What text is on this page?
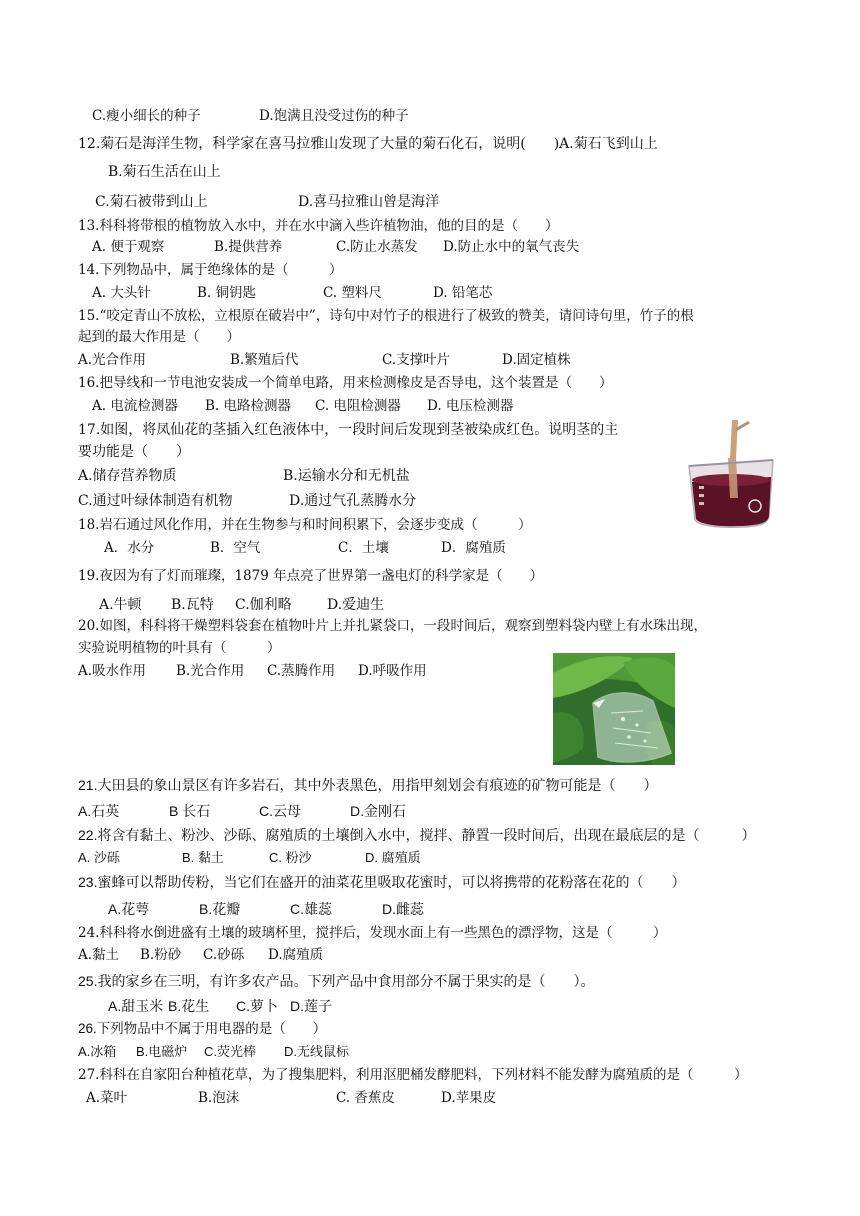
C.瘦小细长的种子	D.饱满且没受过伤的种子
12.菊石是海洋生物，科学家在喜马拉雅山发现了大量的菊石化石，说明(　　)A.菊石飞到山上
B.菊石生活在山上
C.菊石被带到山上	D.喜马拉雅山曾是海洋
13.科科将带根的植物放入水中，并在水中滴入些许植物油，他的目的是（　　）
A. 便于观察	B.提供营养	C.防止水蒸发 D.防止水中的氧气丧失
14.下列物品中，属于绝缘体的是（　　　）
A. 大头针	B. 铜钥匙	C. 塑料尺	D. 铅笔芯
15.“咬定青山不放松，立根原在破岩中”，诗句中对竹子的根进行了极致的赞美，请问诗句里，竹子的根
起到的最大作用是（　　）
A.光合作用	B.繁殖后代	C.支撑叶片	D.固定植株
16.把导线和一节电池安装成一个简单电路，用来检测橡皮是否导电，这个装置是（　　）
A. 电流检测器 B. 电路检测器 C. 电阻检测器 D. 电压检测器
17.如图，将凤仙花的茎插入红色液体中，一段时间后发现到茎被染成红色。说明茎的主
要功能是（　　）
A.储存营养物质	B.运输水分和无机盐
C.通过叶绿体制造有机物	D.通过气孔蒸腾水分
18.岩石通过风化作用，并在生物参与和时间积累下，会逐步变成（　　　）
A．水分	B．空气	C．土壤	D．腐殖质
19.夜因为有了灯而璀璨，1879 年点亮了世界第一盏电灯的科学家是（　　）
A.牛顿 B.瓦特 C.伽利略	D.爱迪生
20.如图，科科将干燥塑料袋套在植物叶片上并扎紧袋口，一段时间后，观察到塑料袋内壁上有水珠出现，
实验说明植物的叶具有（　　　）
A.吸水作用 B.光合作用 C.蒸腾作用 D.呼吸作用
21.大田县的象山景区有许多岩石，其中外表黑色，用指甲刻划会有痕迹的矿物可能是（　　）
A.石英	B 长石	C.云母	D.金刚石
22.将含有黏土、粉沙、沙砾、腐殖质的土壤倒入水中，搅拌、静置一段时间后，出现在最底层的是（　　　）
A. 沙砾	B. 黏土	C. 粉沙	D. 腐殖质
23.蜜蜂可以帮助传粉，当它们在盛开的油菜花里吸取花蜜时，可以将携带的花粉落在花的（　　）
A.花萼	B.花瓣	C.雄蕊	D.雌蕊
24.科科将水倒进盛有土壤的玻璃杯里，搅拌后，发现水面上有一些黑色的漂浮物，这是（　　　）
A.黏土 B.粉砂 C.砂砾 D.腐殖质
25.我的家乡在三明，有许多农产品。下列产品中食用部分不属于果实的是（　　）。
A.甜玉米 B.花生 C.萝卜 D.莲子
26.下列物品中不属于用电器的是（　　）
A.冰箱 B.电磁炉 C.荧光棒 D.无线鼠标
27.科科在自家阳台种植花草，为了搜集肥料，利用沤肥桶发酵肥料，下列材料不能发酵为腐殖质的是（　　　）
A.菜叶	B.泡沫	C. 香蕉皮	D.苹果皮
